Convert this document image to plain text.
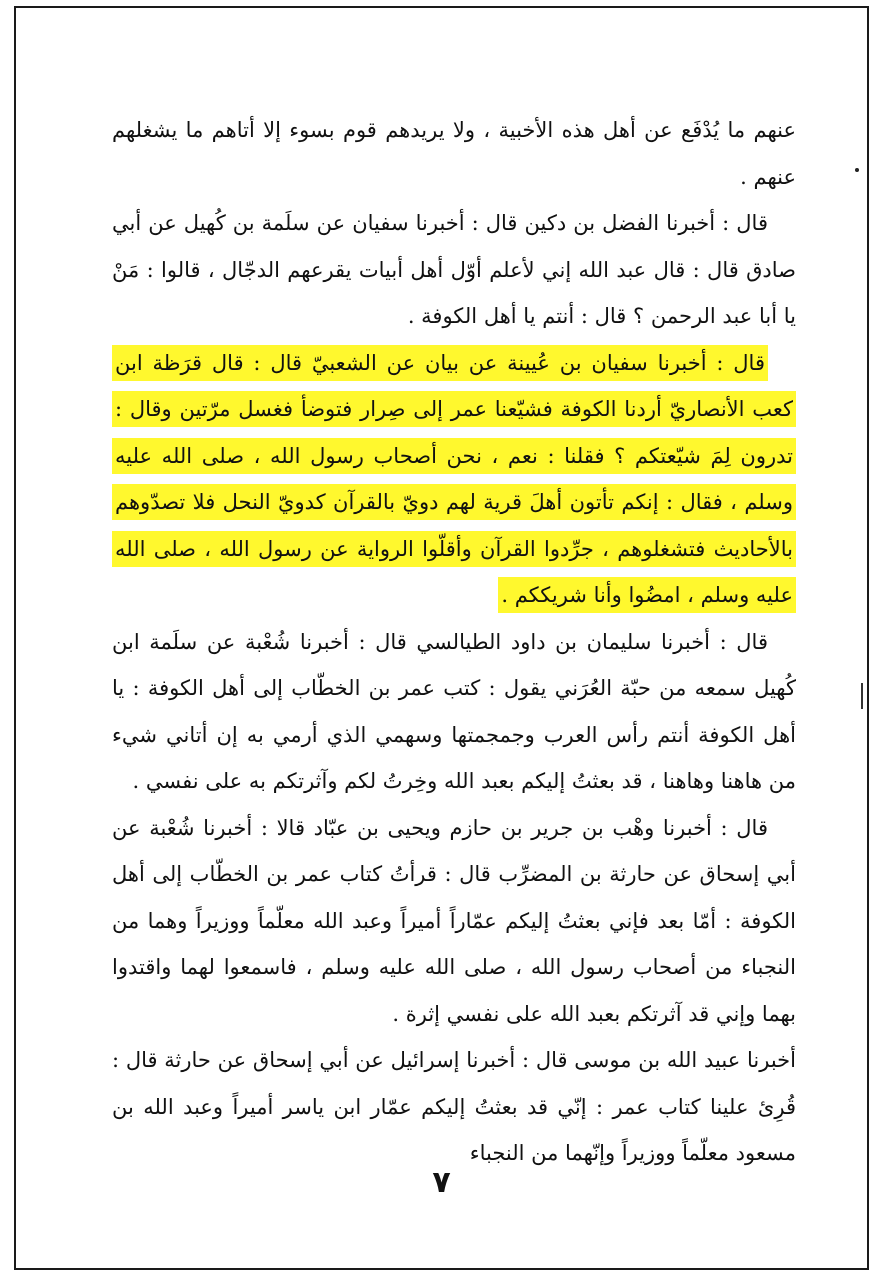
عنهم ما يُدْفَع عن أهل هذه الأخبية ، ولا يريدهم قوم بسوء إلا أتاهم ما يشغلهم عنهم .

قال : أخبرنا الفضل بن دكين قال : أخبرنا سفيان عن سلَمة بن كُهيل عن أبي صادق قال : قال عبد الله إني لأعلم أوّل أهل أبيات يقرعهم الدجّال ، قالوا : مَنْ يا أبا عبد الرحمن ؟ قال : أنتم يا أهل الكوفة .

قال : أخبرنا سفيان بن عُيينة عن بيان عن الشعبيّ قال : قال قرَظة ابن كعب الأنصاريّ أردنا الكوفة فشيّعنا عمر إلى صِرار فتوضأ فغسل مرّتين وقال : تدرون لِمَ شيّعتكم ؟ فقلنا : نعم ، نحن أصحاب رسول الله ، صلى الله عليه وسلم ، فقال : إنكم تأتون أهلَ قرية لهم دويّ بالقرآن كدويّ النحل فلا تصدّوهم بالأحاديث فتشغلوهم ، جرِّدوا القرآن وأقلّوا الرواية عن رسول الله ، صلى الله عليه وسلم ، امضُوا وأنا شريككم .

قال : أخبرنا سليمان بن داود الطيالسي قال : أخبرنا شُعْبة عن سلَمة ابن كُهيل سمعه من حبّة العُرَني يقول : كتب عمر بن الخطّاب إلى أهل الكوفة : يا أهل الكوفة أنتم رأس العرب وجمجمتها وسهمي الذي أرمي به إن أتاني شيء من هاهنا وهاهنا ، قد بعثتُ إليكم بعبد الله وخِرتُ لكم وآثرتكم به على نفسي .

قال : أخبرنا وهْب بن جرير بن حازم ويحيى بن عبّاد قالا : أخبرنا شُعْبة عن أبي إسحاق عن حارثة بن المضرِّب قال : قرأتُ كتاب عمر بن الخطّاب إلى أهل الكوفة : أمّا بعد فإني بعثتُ إليكم عمّاراً أميراً وعبد الله معلّماً ووزيراً وهما من النجباء من أصحاب رسول الله ، صلى الله عليه وسلم ، فاسمعوا لهما واقتدوا بهما وإني قد آثرتكم بعبد الله على نفسي إثرة .

أخبرنا عبيد الله بن موسى قال : أخبرنا إسرائيل عن أبي إسحاق عن حارثة قال : قُرِئ علينا كتاب عمر : إنّي قد بعثتُ إليكم عمّار ابن ياسر أميراً وعبد الله بن مسعود معلّماً ووزيراً وإنّهما من النجباء

٧
